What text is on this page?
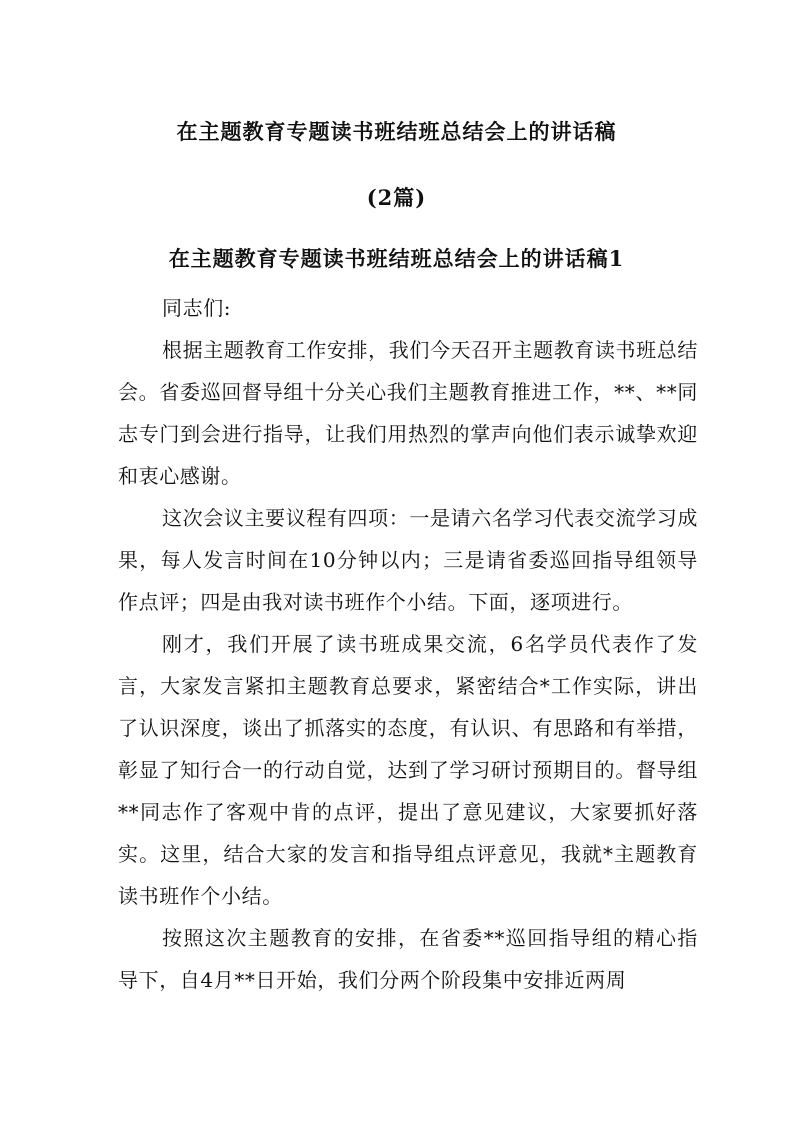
在主题教育专题读书班结班总结会上的讲话稿
(2篇)
在主题教育专题读书班结班总结会上的讲话稿1

同志们:

根据主题教育工作安排，我们今天召开主题教育读书班总结会。省委巡回督导组十分关心我们主题教育推进工作，**、**同志专门到会进行指导，让我们用热烈的掌声向他们表示诚挚欢迎和衷心感谢。

这次会议主要议程有四项：一是请六名学习代表交流学习成果，每人发言时间在10分钟以内；三是请省委巡回指导组领导作点评；四是由我对读书班作个小结。下面，逐项进行。

刚才，我们开展了读书班成果交流，6名学员代表作了发言，大家发言紧扣主题教育总要求，紧密结合*工作实际，讲出了认识深度，谈出了抓落实的态度，有认识、有思路和有举措，彰显了知行合一的行动自觉，达到了学习研讨预期目的。督导组**同志作了客观中肯的点评，提出了意见建议，大家要抓好落实。这里，结合大家的发言和指导组点评意见，我就*主题教育读书班作个小结。

按照这次主题教育的安排，在省委**巡回指导组的精心指导下，自4月**日开始，我们分两个阶段集中安排近两周
